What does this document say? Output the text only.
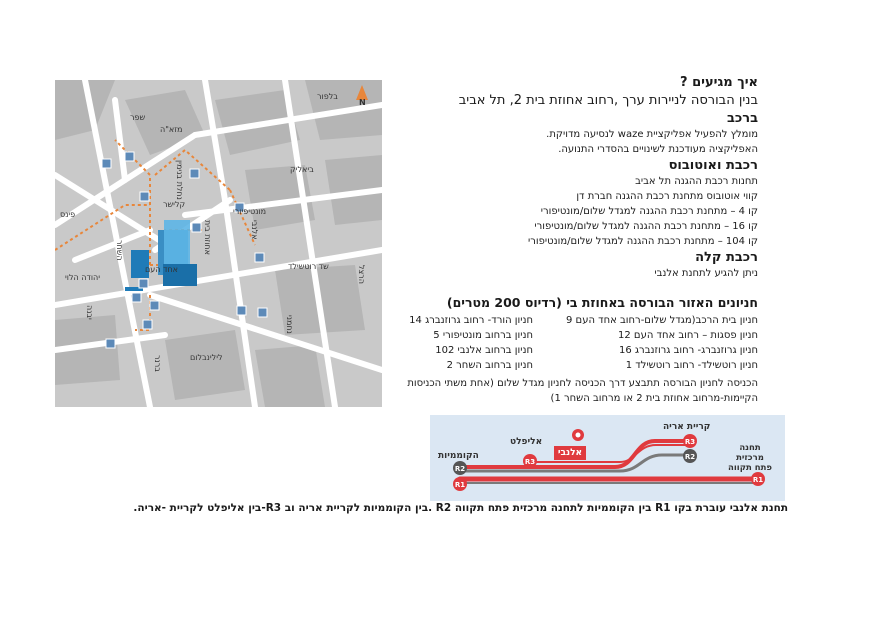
בלפור
שד רוטשילד
יהודה הלוי
מונטיפיורי
לילינבלום
אחד העם
אחוזת בית	אלנבי
נחלת בנימין
מזא"ה
קלישר
הרצל
יבנה
שפר
ביאליק
פינס
השחר
ברנר
נחמני
N

איך מגיעים ?

בנין הבורסה לניירות ערך ,רחוב אחוזת בית 2, תל אביב

ברכב

מומלץ להפעיל אפליקציית waze לנסיעה מדויקת.

האפליקציה מעודכנת לשינויים בהסדרי התנועה.

רכבת ואוטובוס

תחנות רכבת ההגנה תל אביב

קווי אוטובוס מתחנת רכבת ההגנה חברת דן

קו 4 – מתחנת רכבת ההגנה למגדל שלום/מונטיפורי

קו 16 – מתחנת רכבת ההגנה למגדל שלום/מונטיפורי

קו 104 – מתחנת רכבת ההגנה למגדל שלום/מונטיפורי

רכבת קלה

ניתן להגיע לתחנת אלנבי

חניונים האזור הבורסה באחוזת בי (רדיוס 200 מטרים)

חניון בית הרכב(מגדל שלום-רחוב אחד העם 9
חניון הורד- רחוב גרוזנברג 14
חניון פסגות – רחוב אחד העם 12
חניון ברחוב מונטיפורי 5
חניון גרוזנברג- רחוב גרוזנברג 16
חניון ברחוב אלנבי 102
חניון רוטשילד- רחוב רוטשילד 1
חניון ברחוב השחר 2
הכניסה לחניון הבורסה תתבצע דרך הכניסה לחניון מגדל שלום (אחת משתי הכניסות
הקיימות-מרחוב אחוזת בית 2 או מרחוב השחר 1)
R2
R1
R3
R3
R2
R1
אלנבי
אליפלט
הקוממיות
קריית אריה
תחנה
מרכזית
פתח תקווה
תחנת אלנבי עוברת בקו R1 בין הקוממיות לתחנה מרכזית פתח תקווה R2 .בין הקוממיות לקריית אריה וב R3-בין אליפלט לקריית -אריה.
